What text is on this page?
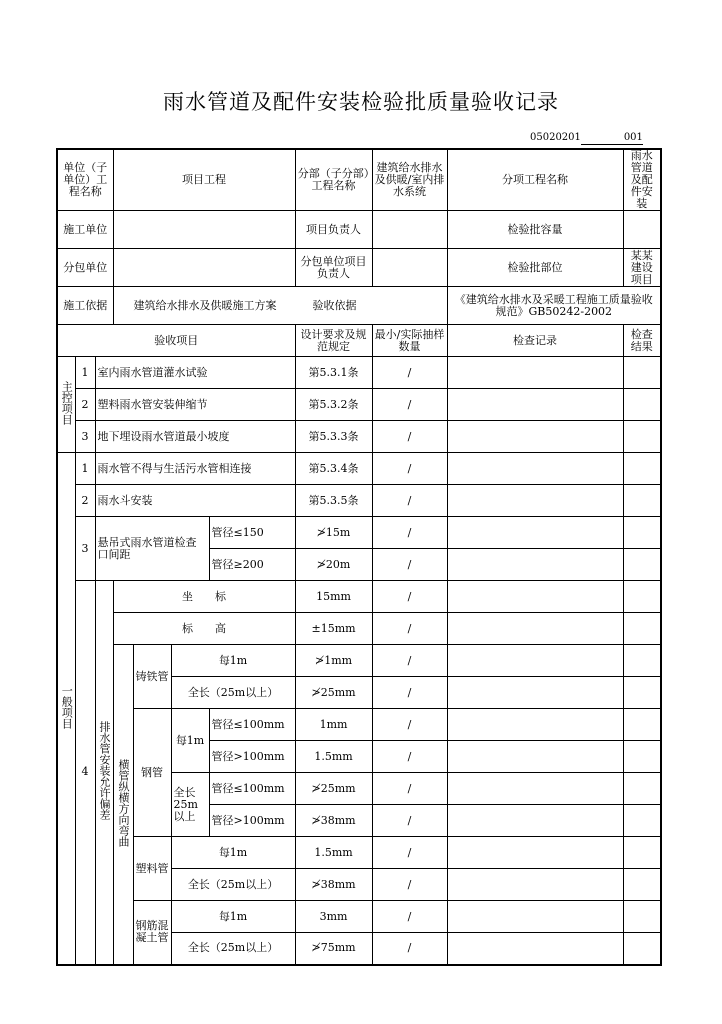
雨水管道及配件安装检验批质量验收记录
05020201	001
单位（子单位）工程名称			项目工程				分部（子分部）工程名称	建筑给水排水及供暖/室内排水系统	分项工程名称	雨水管道及配件安装
施工单位							项目负责人		检验批容量	
分包单位							分包单位项目负责人		检验批部位	某某建设项目
施工依据			建筑给水排水及供暖施工方案 验收依据						《建筑给水排水及采暖工程施工质量验收规范》GB50242-2002	
验收项目							设计要求及规范规定	最小/实际抽样数量	检查记录	检查结果
主控项目	1	室内雨水管道灌水试验					第5.3.1条	/		
	2	塑料雨水管安装伸缩节					第5.3.2条	/		
	3	地下埋设雨水管道最小坡度					第5.3.3条	/		
一般项目	1	雨水管不得与生活污水管相连接					第5.3.4条	/		
	2	雨水斗安装					第5.3.5条	/		
	3	悬吊式雨水管道检查口间距				管径≤150	≯15m	/		
						管径≥200	≯20m	/		
	4	排水管安装允许偏差	坐　　标				15mm	/		
			标　　高				±15mm	/		
			横管纵横方向弯曲	铸铁管	每1m		≯1mm	/		
					全长（25m以上）		≯25mm	/		
				钢管	每1m	管径≤100mm	1mm	/		
						管径>100mm	1.5mm	/		
					全长25m以上	管径≤100mm	≯25mm	/		
						管径>100mm	≯38mm	/		
				塑料管	每1m		1.5mm	/		
					全长（25m以上）		≯38mm	/		
				钢筋混凝土管	每1m		3mm	/		
					全长（25m以上）		≯75mm	/		
